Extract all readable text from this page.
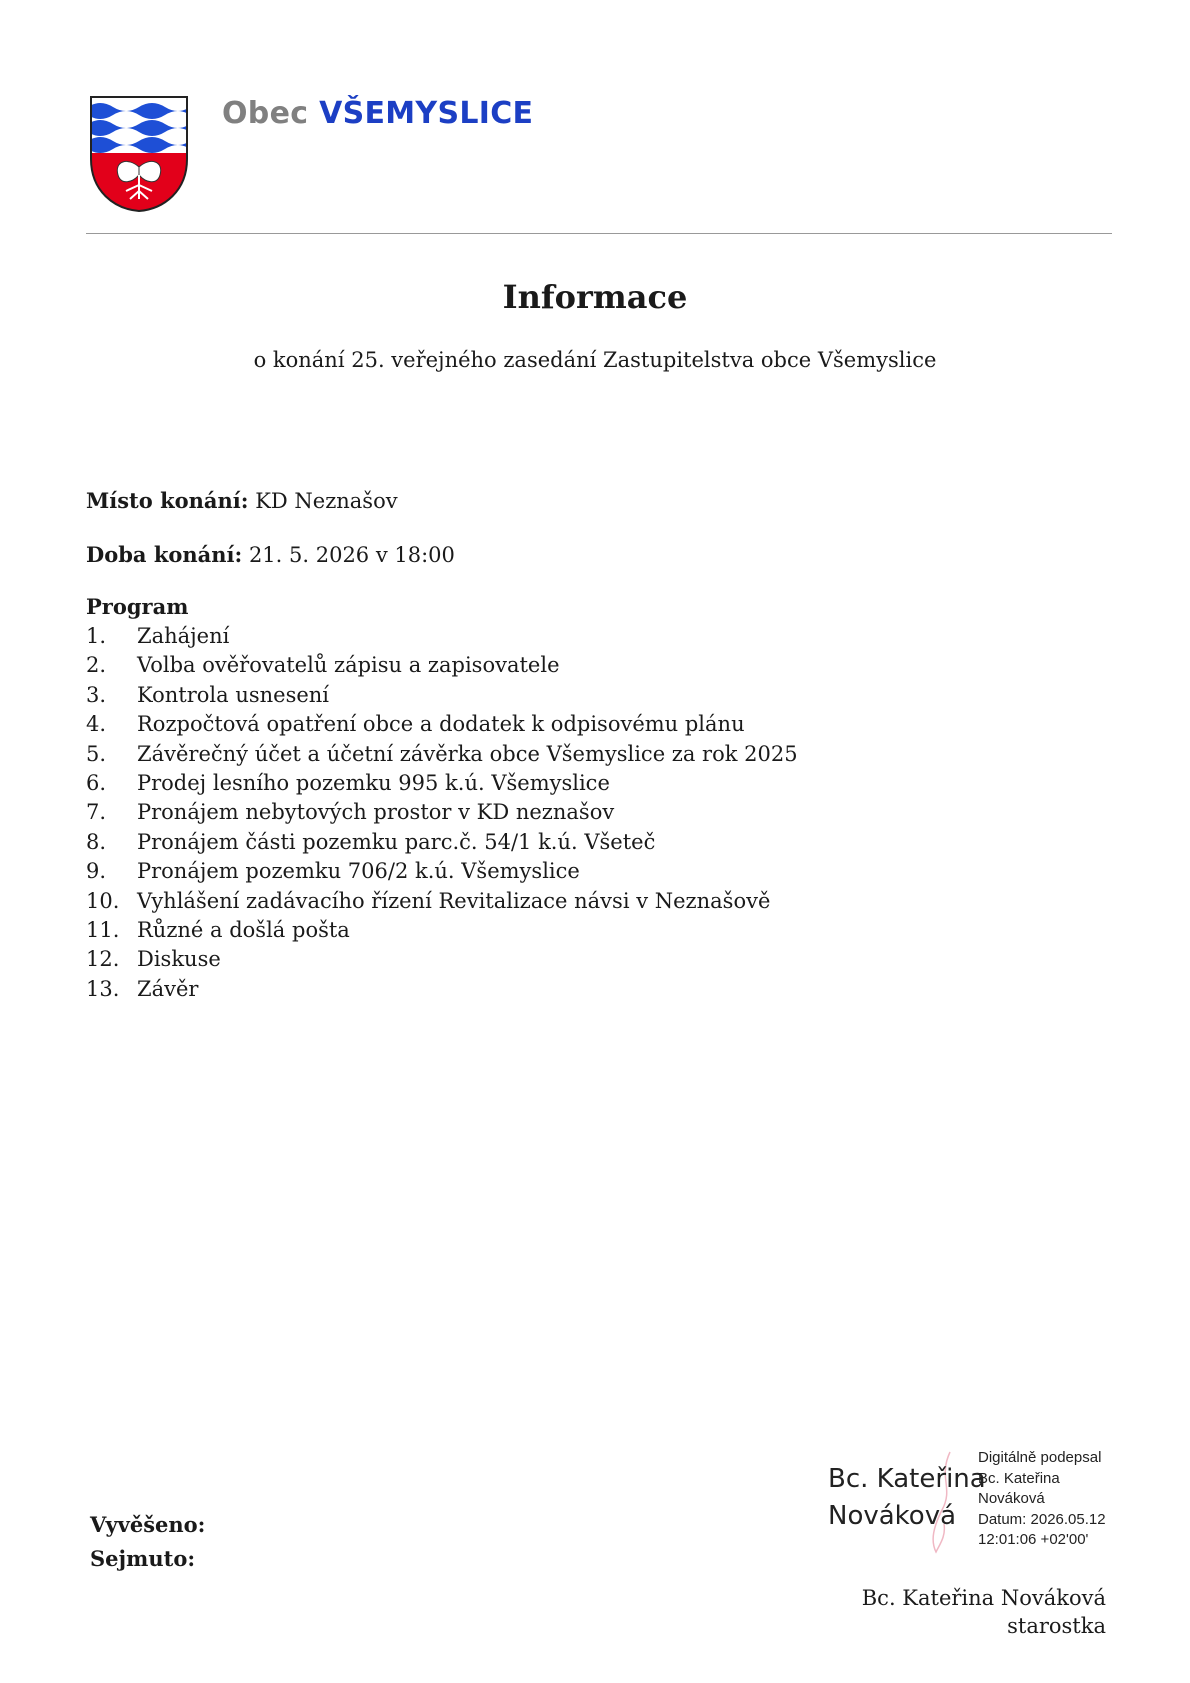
Obec VŠEMYSLICE
Informace
o konání 25. veřejného zasedání Zastupitelstva obce Všemyslice
Místo konání: KD Neznašov
Doba konání: 21. 5. 2026 v 18:00
Program
1. Zahájení
2. Volba ověřovatelů zápisu a zapisovatele
3. Kontrola usnesení
4. Rozpočtová opatření obce a dodatek k odpisovému plánu
5. Závěrečný účet a účetní závěrka obce Všemyslice za rok 2025
6. Prodej lesního pozemku 995 k.ú. Všemyslice
7. Pronájem nebytových prostor v KD neznašov
8. Pronájem části pozemku parc.č. 54/1 k.ú. Všeteč
9. Pronájem pozemku 706/2 k.ú. Všemyslice
10. Vyhlášení zadávacího řízení Revitalizace návsi v Neznašově
11. Různé a došlá pošta
12. Diskuse
13. Závěr
Vyvěšeno:
Sejmuto:
Bc. Kateřina
Nováková
Digitálně podepsal
Bc. Kateřina
Nováková
Datum: 2026.05.12
12:01:06 +02'00'
Bc. Kateřina Nováková
starostka
